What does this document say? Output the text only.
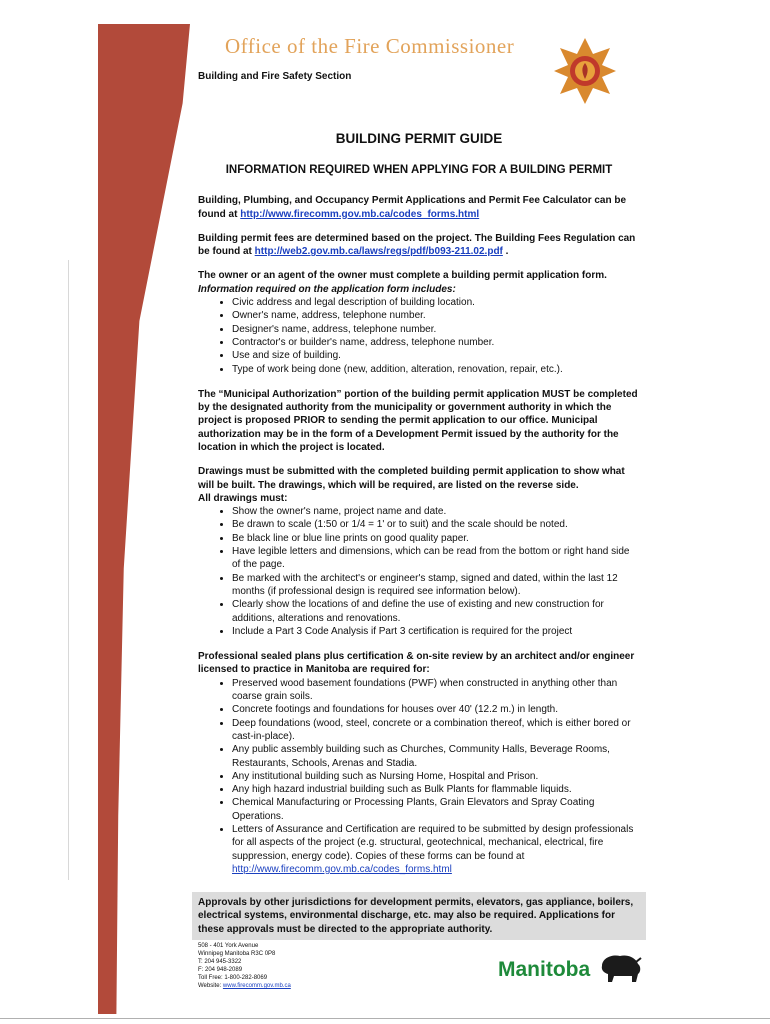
Office of the Fire Commissioner
Building and Fire Safety Section
BUILDING PERMIT GUIDE
INFORMATION REQUIRED WHEN APPLYING FOR A BUILDING PERMIT

Building, Plumbing, and Occupancy Permit Applications and Permit Fee Calculator can be found at http://www.firecomm.gov.mb.ca/codes_forms.html

Building permit fees are determined based on the project. The Building Fees Regulation can be found at http://web2.gov.mb.ca/laws/regs/pdf/b093-211.02.pdf .

The owner or an agent of the owner must complete a building permit application form.
Information required on the application form includes:
• Civic address and legal description of building location.
• Owner's name, address, telephone number.
• Designer's name, address, telephone number.
• Contractor's or builder's name, address, telephone number.
• Use and size of building.
• Type of work being done (new, addition, alteration, renovation, repair, etc.).

The “Municipal Authorization” portion of the building permit application MUST be completed by the designated authority from the municipality or government authority in which the project is proposed PRIOR to sending the permit application to our office. Municipal authorization may be in the form of a Development Permit issued by the authority for the location in which the project is located.

Drawings must be submitted with the completed building permit application to show what will be built. The drawings, which will be required, are listed on the reverse side.
All drawings must:
• Show the owner's name, project name and date.
• Be drawn to scale (1:50 or 1/4 = 1' or to suit) and the scale should be noted.
• Be black line or blue line prints on good quality paper.
• Have legible letters and dimensions, which can be read from the bottom or right hand side of the page.
• Be marked with the architect's or engineer's stamp, signed and dated, within the last 12 months (if professional design is required see information below).
• Clearly show the locations of and define the use of existing and new construction for additions, alterations and renovations.
• Include a Part 3 Code Analysis if Part 3 certification is required for the project
Professional sealed plans plus certification & on-site review by an architect and/or engineer licensed to practice in Manitoba are required for:
• Preserved wood basement foundations (PWF) when constructed in anything other than coarse grain soils.
• Concrete footings and foundations for houses over 40' (12.2 m.) in length.
• Deep foundations (wood, steel, concrete or a combination thereof, which is either bored or cast-in-place).
• Any public assembly building such as Churches, Community Halls, Beverage Rooms, Restaurants, Schools, Arenas and Stadia.
• Any institutional building such as Nursing Home, Hospital and Prison.
• Any high hazard industrial building such as Bulk Plants for flammable liquids.
• Chemical Manufacturing or Processing Plants, Grain Elevators and Spray Coating Operations.
• Letters of Assurance and Certification are required to be submitted by design professionals for all aspects of the project (e.g. structural, geotechnical, mechanical, electrical, fire suppression, energy code). Copies of these forms can be found at http://www.firecomm.gov.mb.ca/codes_forms.html
Approvals by other jurisdictions for development permits, elevators, gas appliance, boilers, electrical systems, environmental discharge, etc. may also be required. Applications for these approvals must be directed to the appropriate authority.
508 - 401 York Avenue
Winnipeg Manitoba R3C 0P8
T: 204 945-3322
F: 204 948-2089
Toll Free: 1-800-282-8069
Website: www.firecomm.gov.mb.ca
Manitoba
